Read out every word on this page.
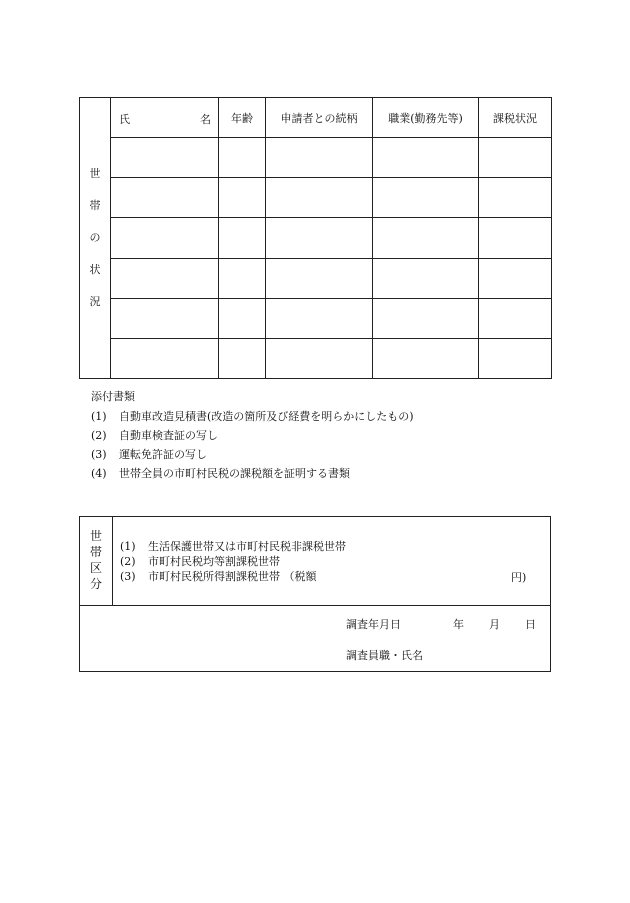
世
帯
の
状
況	氏 名	年齢	申請者との続柄	職業(勤務先等)	課税状況

添付書類
(1)	自動車改造見積書(改造の箇所及び経費を明らかにしたもの)
(2)	自動車検査証の写し
(3)	運転免許証の写し
(4)	世帯全員の市町村民税の課税額を証明する書類
世
帯
区
分
(1)	生活保護世帯又は市町村民税非課税世帯
(2)	市町村民税均等割課税世帯
(3)	市町村民税所得割課税世帯 （税額	円)
調査年月日	年 月 日
調査員職・氏名
